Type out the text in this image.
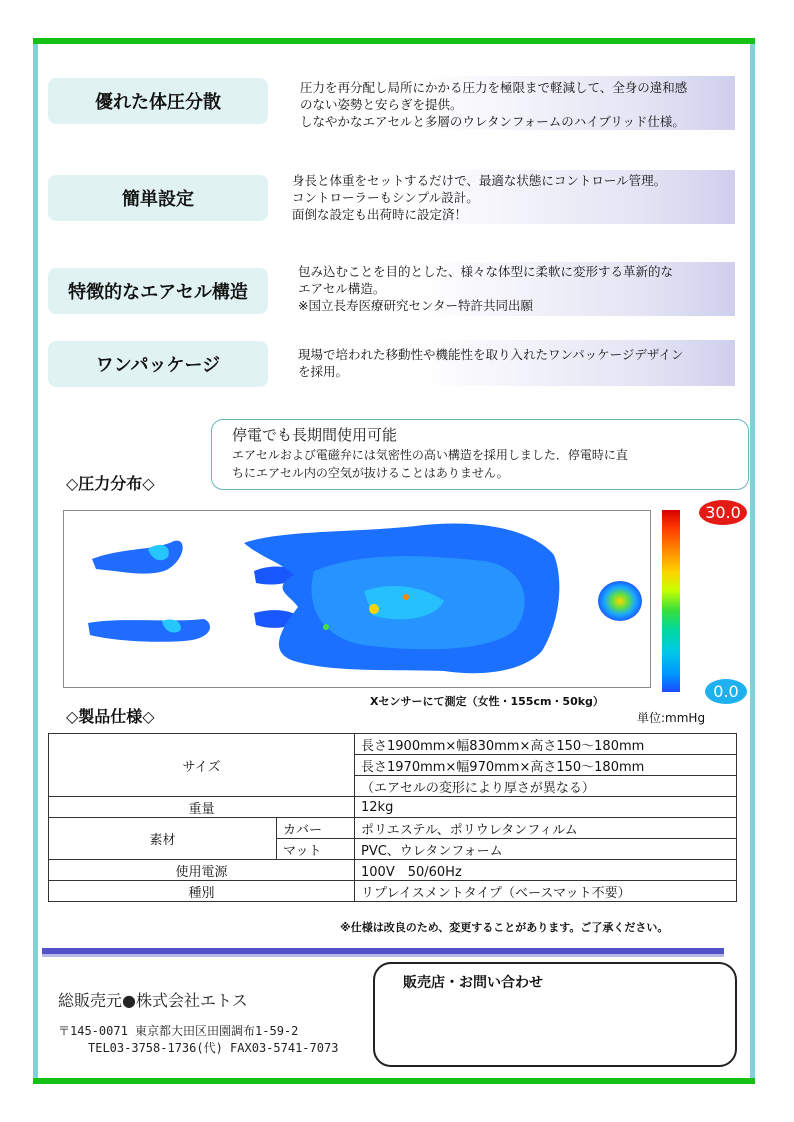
優れた体圧分散
圧力を再分配し局所にかかる圧力を極限まで軽減して、全身の違和感
のない姿勢と安らぎを提供。
しなやかなエアセルと多層のウレタンフォームのハイブリッド仕様。
簡単設定
身長と体重をセットするだけで、最適な状態にコントロール管理。
コントローラーもシンプル設計。
面倒な設定も出荷時に設定済！
特徴的なエアセル構造
包み込むことを目的とした、様々な体型に柔軟に変形する革新的な
エアセル構造。
※国立長寿医療研究センター特許共同出願
ワンパッケージ
現場で培われた移動性や機能性を取り入れたワンパッケージデザイン
を採用。
停電でも長期間使用可能
エアセルおよび電磁弁には気密性の高い構造を採用しました．停電時に直
ちにエアセル内の空気が抜けることはありません。
◇圧力分布◇
Xセンサーにて測定（女性・155cm・50kg）
30.0
0.0
単位:mmHg
◇製品仕様◇
サイズ		長さ1900mm×幅830mm×高さ150～180mm
		長さ1970mm×幅970mm×高さ150～180mm
		（エアセルの変形により厚さが異なる）
重量		12kg
素材	カバー	ポリエステル、ポリウレタンフィルム
	マット	PVC、ウレタンフォーム
使用電源		100V　50/60Hz
種別		リプレイスメントタイプ（ベースマット不要）
※仕様は改良のため、変更することがあります。ご了承ください。
総販売元●株式会社エトス
〒145-0071 東京都大田区田園調布1-59-2
TEL03-3758-1736(代) FAX03-5741-7073
販売店・お問い合わせ
